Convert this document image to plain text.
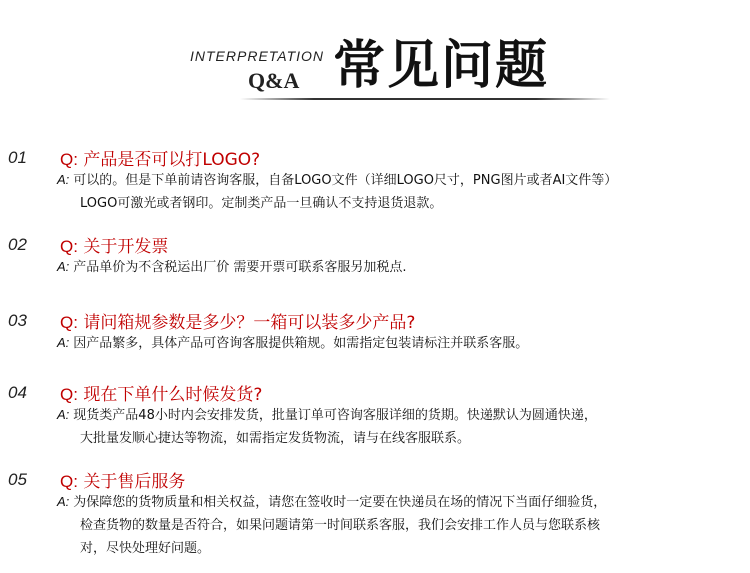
INTERPRETATION
Q&A 常见问题
01 Q: 产品是否可以打LOGO?
A: 可以的。但是下单前请咨询客服，自备LOGO文件（详细LOGO尺寸，PNG图片或者AI文件等）
LOGO可激光或者钢印。定制类产品一旦确认不支持退货退款。
02 Q: 关于开发票
A: 产品单价为不含税运出厂价 需要开票可联系客服另加税点.
03 Q: 请问箱规参数是多少？一箱可以装多少产品?
A: 因产品繁多，具体产品可咨询客服提供箱规。如需指定包装请标注并联系客服。
04 Q: 现在下单什么时候发货?
A: 现货类产品48小时内会安排发货，批量订单可咨询客服详细的货期。快递默认为圆通快递，
大批量发顺心捷达等物流，如需指定发货物流，请与在线客服联系。
05 Q: 关于售后服务
A: 为保障您的货物质量和相关权益，请您在签收时一定要在快递员在场的情况下当面仔细验货，
检查货物的数量是否符合，如果问题请第一时间联系客服，我们会安排工作人员与您联系核
对，尽快处理好问题。
